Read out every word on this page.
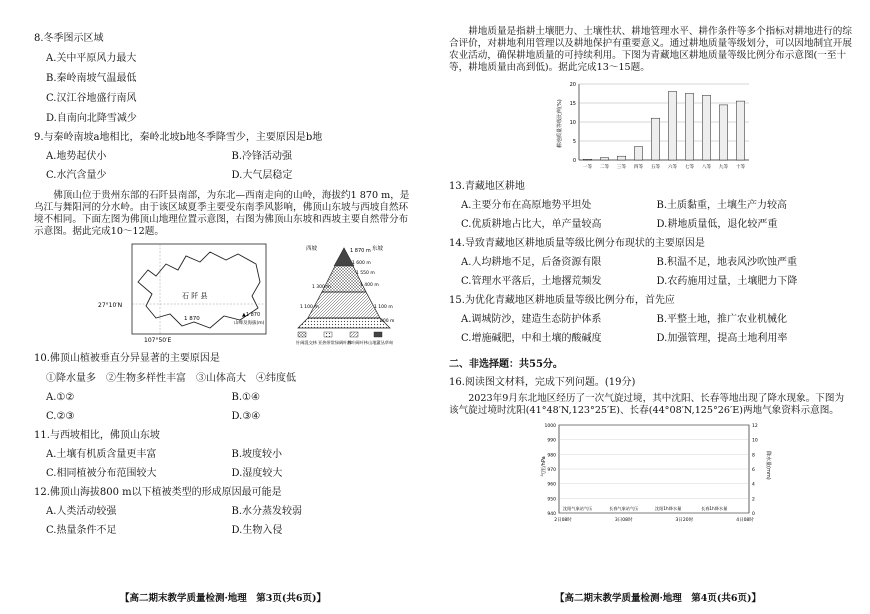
8.冬季图示区域
A.关中平原风力最大
B.秦岭南坡气温最低
C.汉江谷地盛行南风
D.自南向北降雪减少
9.与秦岭南坡a地相比，秦岭北坡b地冬季降雪少，主要原因是b地
A.地势起伏小	B.冷锋活动强
C.水汽含量少	D.大气层稳定
佛顶山位于贵州东部的石阡县南部，为东北—西南走向的山岭，海拔约1 870 m，是乌江与舞阳河的分水岭。由于该区域夏季主要受东南季风影响，佛顶山东坡与西坡自然环境不相同。下面左图为佛顶山地理位置示意图，右图为佛顶山东坡和西坡主要自然带分布示意图。据此完成10～12题。
石 阡 县
1 870
▲1 870
山峰及海拔(m)
27°10′N
107°50′E
西坡	东坡
1 870 m
1 600 m
1 550 m
1 400 m
1 300 m
1 100 m	1 100 m
800 m
针阔混交林 亚热带常绿阔叶林
落叶阔叶林 山地灌丛草甸
10.佛顶山植被垂直分异显著的主要原因是
①降水量多　②生物多样性丰富　③山体高大　④纬度低
A.①②	B.①④
C.②③	D.③④
11.与西坡相比，佛顶山东坡
A.土壤有机质含量更丰富	B.坡度较小
C.相同植被分布范围较大	D.湿度较大
12.佛顶山海拔800 m以下植被类型的形成原因最可能是
A.人类活动较强	B.水分蒸发较弱
C.热量条件不足	D.生物入侵
【高二期末教学质量检测·地理　第3页(共6页)】
耕地质量是指耕土壤肥力、土壤性状、耕地管理水平、耕作条件等多个指标对耕地进行的综合评价，对耕地利用管理以及耕地保护有重要意义。通过耕地质量等级划分，可以因地制宜开展农业活动，确保耕地质量的可持续利用。下图为青藏地区耕地质量等级比例分布示意图(一至十等，耕地质量由高到低)。据此完成13～15题。
耕地质量等级比例(%)
0
5
10
15
20
一等 二等 三等 四等 五等 六等 七等 八等 九等 十等
13.青藏地区耕地
A.主要分布在高原地势平坦处	B.土质黏重，土壤生产力较高
C.优质耕地占比大，单产量较高	D.耕地质量低，退化较严重
14.导致青藏地区耕地质量等级比例分布现状的主要原因是
A.人均耕地不足，后备资源有限	B.积温不足，地表风沙吹蚀严重
C.管理水平落后，土地撂荒频发	D.农药施用过量，土壤肥力下降
15.为优化青藏地区耕地质量等级比例分布，首先应
A.调城防沙，建造生态防护体系	B.平整土地，推广农业机械化
C.增施碱肥，中和土壤的酸碱度	D.加强管理，提高土地利用率
二、非选择题：共55分。
16.阅读图文材料，完成下列问题。(19分)
2023年9月东北地区经历了一次气旋过境，其中沈阳、长春等地出现了降水现象。下图为该气旋过境时沈阳(41°48′N,123°25′E)、长春(44°08′N,125°26′E)两地气象资料示意图。
1000
990
980
970
960
950
940	0
2
4
6
8
10
12
气压/hPa	降水量(mm)
2日08时	3日08时	3日20时	4日08时
沈阳气象站气压	长春气象站气压	沈阳1h降水量	长春1h降水量
【高二期末教学质量检测·地理　第4页(共6页)】
